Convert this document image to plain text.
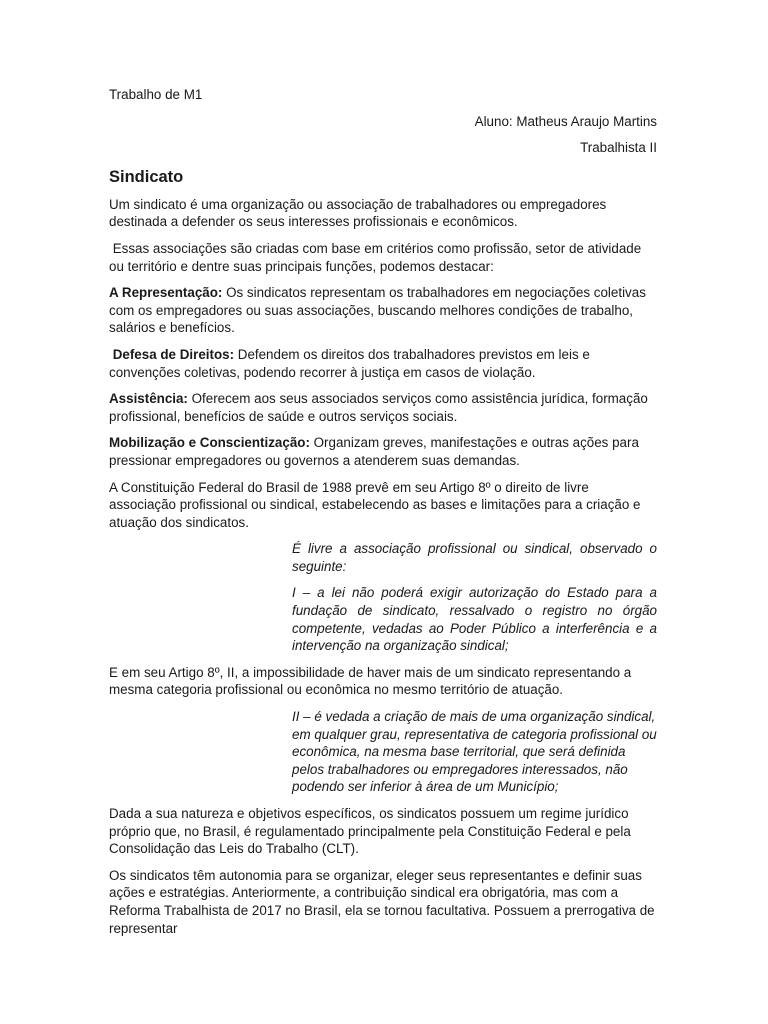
Trabalho de M1

Aluno: Matheus Araujo Martins

Trabalhista II

Sindicato

Um sindicato é uma organização ou associação de trabalhadores ou empregadores destinada a defender os seus interesses profissionais e econômicos.

Essas associações são criadas com base em critérios como profissão, setor de atividade ou território e dentre suas principais funções, podemos destacar:

A Representação: Os sindicatos representam os trabalhadores em negociações coletivas com os empregadores ou suas associações, buscando melhores condições de trabalho, salários e benefícios.

Defesa de Direitos: Defendem os direitos dos trabalhadores previstos em leis e convenções coletivas, podendo recorrer à justiça em casos de violação.

Assistência: Oferecem aos seus associados serviços como assistência jurídica, formação profissional, benefícios de saúde e outros serviços sociais.

Mobilização e Conscientização: Organizam greves, manifestações e outras ações para pressionar empregadores ou governos a atenderem suas demandas.

A Constituição Federal do Brasil de 1988 prevê em seu Artigo 8º o direito de livre associação profissional ou sindical, estabelecendo as bases e limitações para a criação e atuação dos sindicatos.

É livre a associação profissional ou sindical, observado o seguinte:

I – a lei não poderá exigir autorização do Estado para a fundação de sindicato, ressalvado o registro no órgão competente, vedadas ao Poder Público a interferência e a intervenção na organização sindical;

E em seu Artigo 8º, II, a impossibilidade de haver mais de um sindicato representando a mesma categoria profissional ou econômica no mesmo território de atuação.

II – é vedada a criação de mais de uma organização sindical, em qualquer grau, representativa de categoria profissional ou econômica, na mesma base territorial, que será definida pelos trabalhadores ou empregadores interessados, não podendo ser inferior à área de um Município;

Dada a sua natureza e objetivos específicos, os sindicatos possuem um regime jurídico próprio que, no Brasil, é regulamentado principalmente pela Constituição Federal e pela Consolidação das Leis do Trabalho (CLT).

Os sindicatos têm autonomia para se organizar, eleger seus representantes e definir suas ações e estratégias. Anteriormente, a contribuição sindical era obrigatória, mas com a Reforma Trabalhista de 2017 no Brasil, ela se tornou facultativa. Possuem a prerrogativa de representar
